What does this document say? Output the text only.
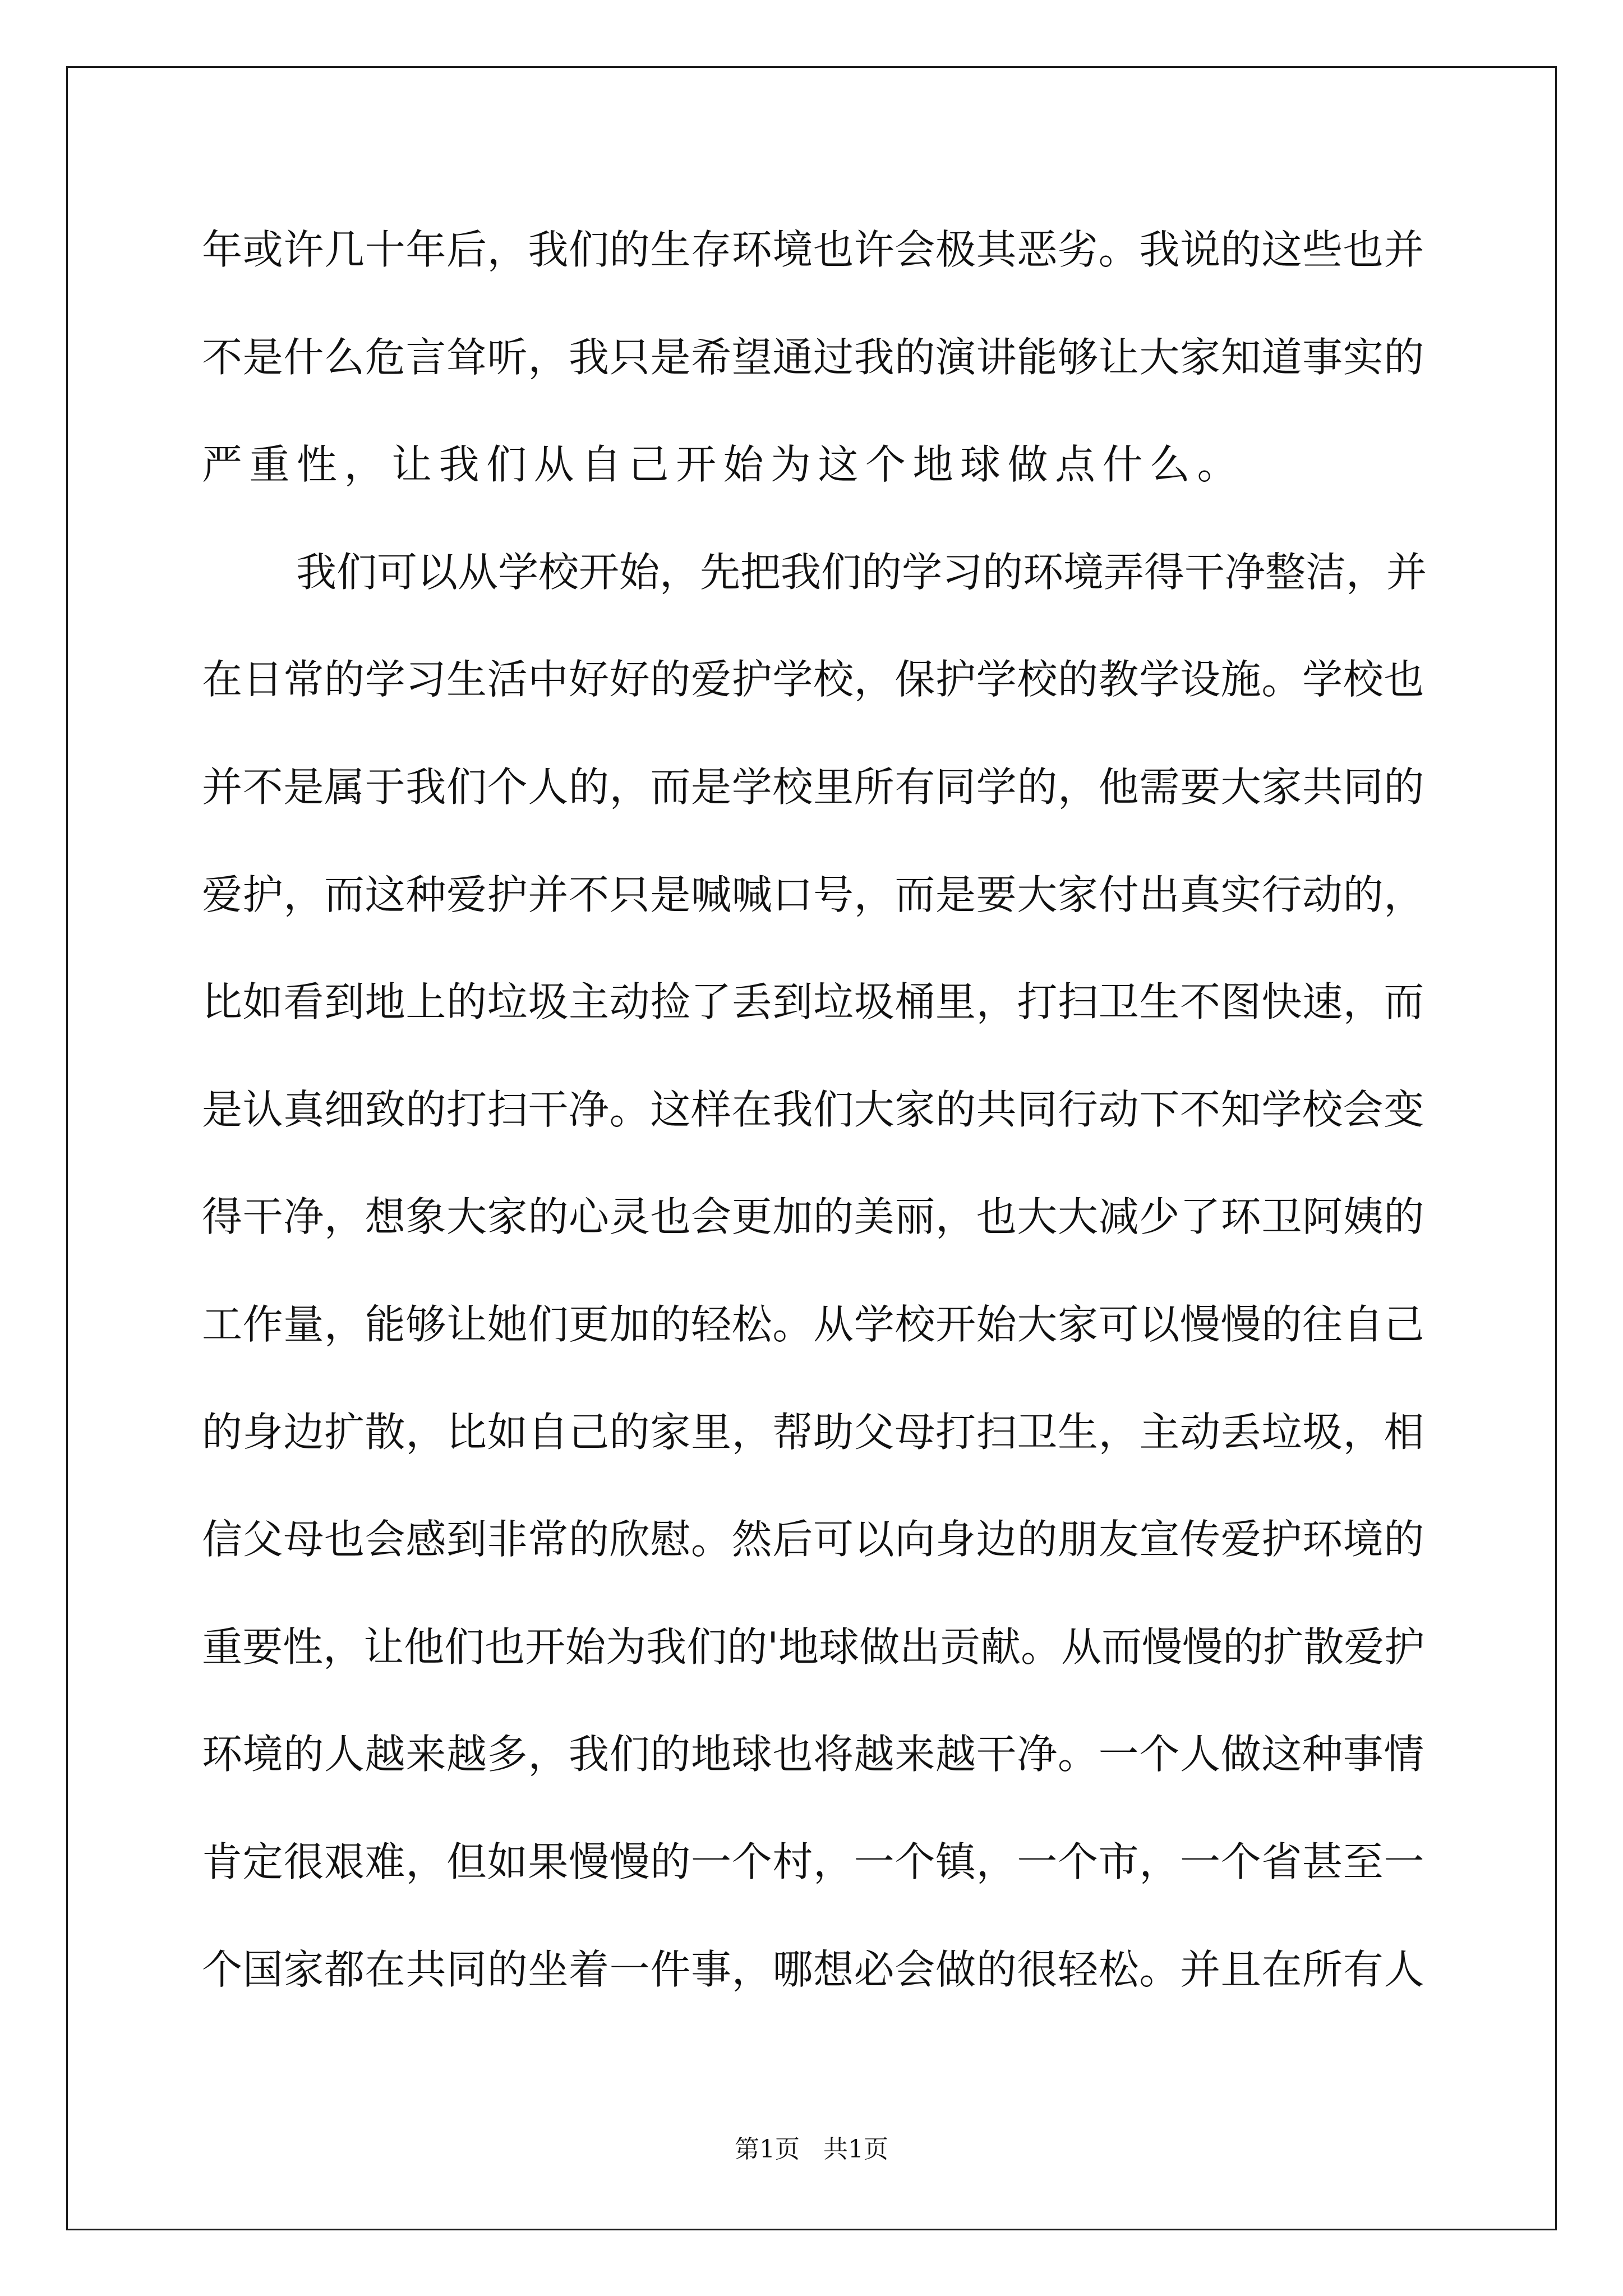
年或许几十年后，我们的生存环境也许会极其恶劣。我说的这些也并

不是什么危言耸听，我只是希望通过我的演讲能够让大家知道事实的

严重性，让我们从自己开始为这个地球做点什么。

我们可以从学校开始，先把我们的学习的环境弄得干净整洁，并

在日常的学习生活中好好的爱护学校，保护学校的教学设施。学校也

并不是属于我们个人的，而是学校里所有同学的，他需要大家共同的

爱护，而这种爱护并不只是喊喊口号，而是要大家付出真实行动的，

比如看到地上的垃圾主动捡了丢到垃圾桶里，打扫卫生不图快速，而

是认真细致的打扫干净。这样在我们大家的共同行动下不知学校会变

得干净，想象大家的心灵也会更加的美丽，也大大减少了环卫阿姨的

工作量，能够让她们更加的轻松。从学校开始大家可以慢慢的往自己

的身边扩散，比如自己的家里，帮助父母打扫卫生，主动丢垃圾，相

信父母也会感到非常的欣慰。然后可以向身边的朋友宣传爱护环境的

重要性，让他们也开始为我们的'地球做出贡献。从而慢慢的扩散爱护

环境的人越来越多，我们的地球也将越来越干净。一个人做这种事情

肯定很艰难，但如果慢慢的一个村，一个镇，一个市，一个省甚至一

个国家都在共同的坐着一件事，哪想必会做的很轻松。并且在所有人

第1页   共1页
